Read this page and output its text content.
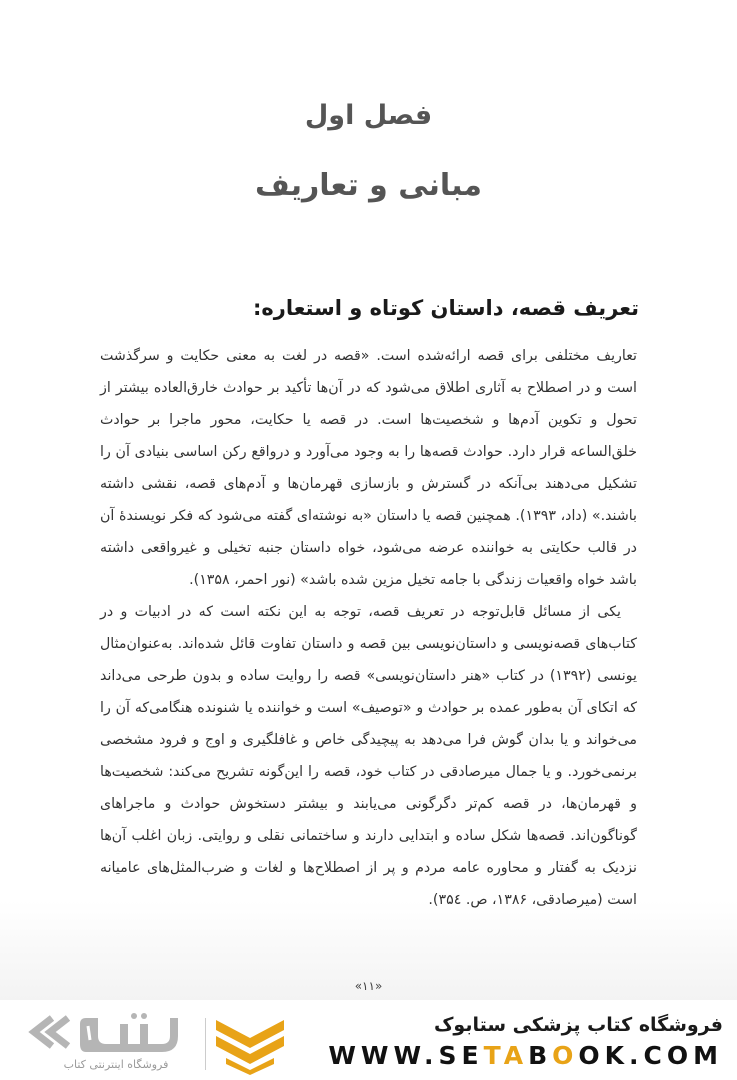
فصل اول
مبانی و تعاریف
تعریف قصه، داستان کوتاه و استعاره:

تعاریف مختلفی برای قصه ارائه‌شده است. «قصه در لغت به معنی حکایت و سرگذشت است و در اصطلاح به آثاری اطلاق می‌شود که در آن‌ها تأکید بر حوادث خارق‌العاده بیشتر از تحول و تکوین آدم‌ها و شخصیت‌ها است. در قصه یا حکایت، محور ماجرا بر حوادث خلق‌الساعه قرار دارد. حوادث قصه‌ها را به وجود می‌آورد و درواقع رکن اساسی بنیادی آن را تشکیل می‌دهند بی‌آنکه در گسترش و بازسازی قهرمان‌ها و آدم‌های قصه، نقشی داشته باشند.» (داد، ۱۳۹۳). همچنین قصه یا داستان «به نوشته‌ای گفته می‌شود که فکر نویسندهٔ آن در قالب حکایتی به خواننده عرضه می‌شود، خواه داستان جنبه تخیلی و غیرواقعی داشته باشد خواه واقعیات زندگی با جامه تخیل مزین شده باشد» (نور احمر، ۱۳۵۸).

یکی از مسائل قابل‌توجه در تعریف قصه، توجه به این نکته است که در ادبیات و در کتاب‌های قصه‌نویسی و داستان‌نویسی بین قصه و داستان تفاوت قائل شده‌اند. به‌عنوان‌مثال یونسی (۱۳۹۲) در کتاب «هنر داستان‌نویسی» قصه را روایت ساده و بدون طرحی می‌داند که اتکای آن به‌طور عمده بر حوادث و «توصیف» است و خواننده یا شنونده هنگامی‌که آن را می‌خواند و یا بدان گوش فرا می‌دهد به پیچیدگی خاص و غافلگیری و اوج و فرود مشخصی برنمی‌خورد. و یا جمال میرصادقی در کتاب خود، قصه را این‌گونه تشریح می‌کند: شخصیت‌ها و قهرمان‌ها، در قصه کم‌تر دگرگونی می‌یابند و بیشتر دستخوش حوادث و ماجراهای گوناگون‌اند. قصه‌ها شکل ساده و ابتدایی دارند و ساختمانی نقلی و روایتی. زبان اغلب آن‌ها نزدیک به گفتار و محاوره عامه مردم و پر از اصطلاح‌ها و لغات و ضرب‌المثل‌های عامیانه است (میرصادقی، ۱۳۸۶، ص. ۳۵٤).

«۱۱»
فروشگاه کتاب پزشکی ستابوک
WWW.SETABOOK.COM
فروشگاه اینترنتی کتاب
